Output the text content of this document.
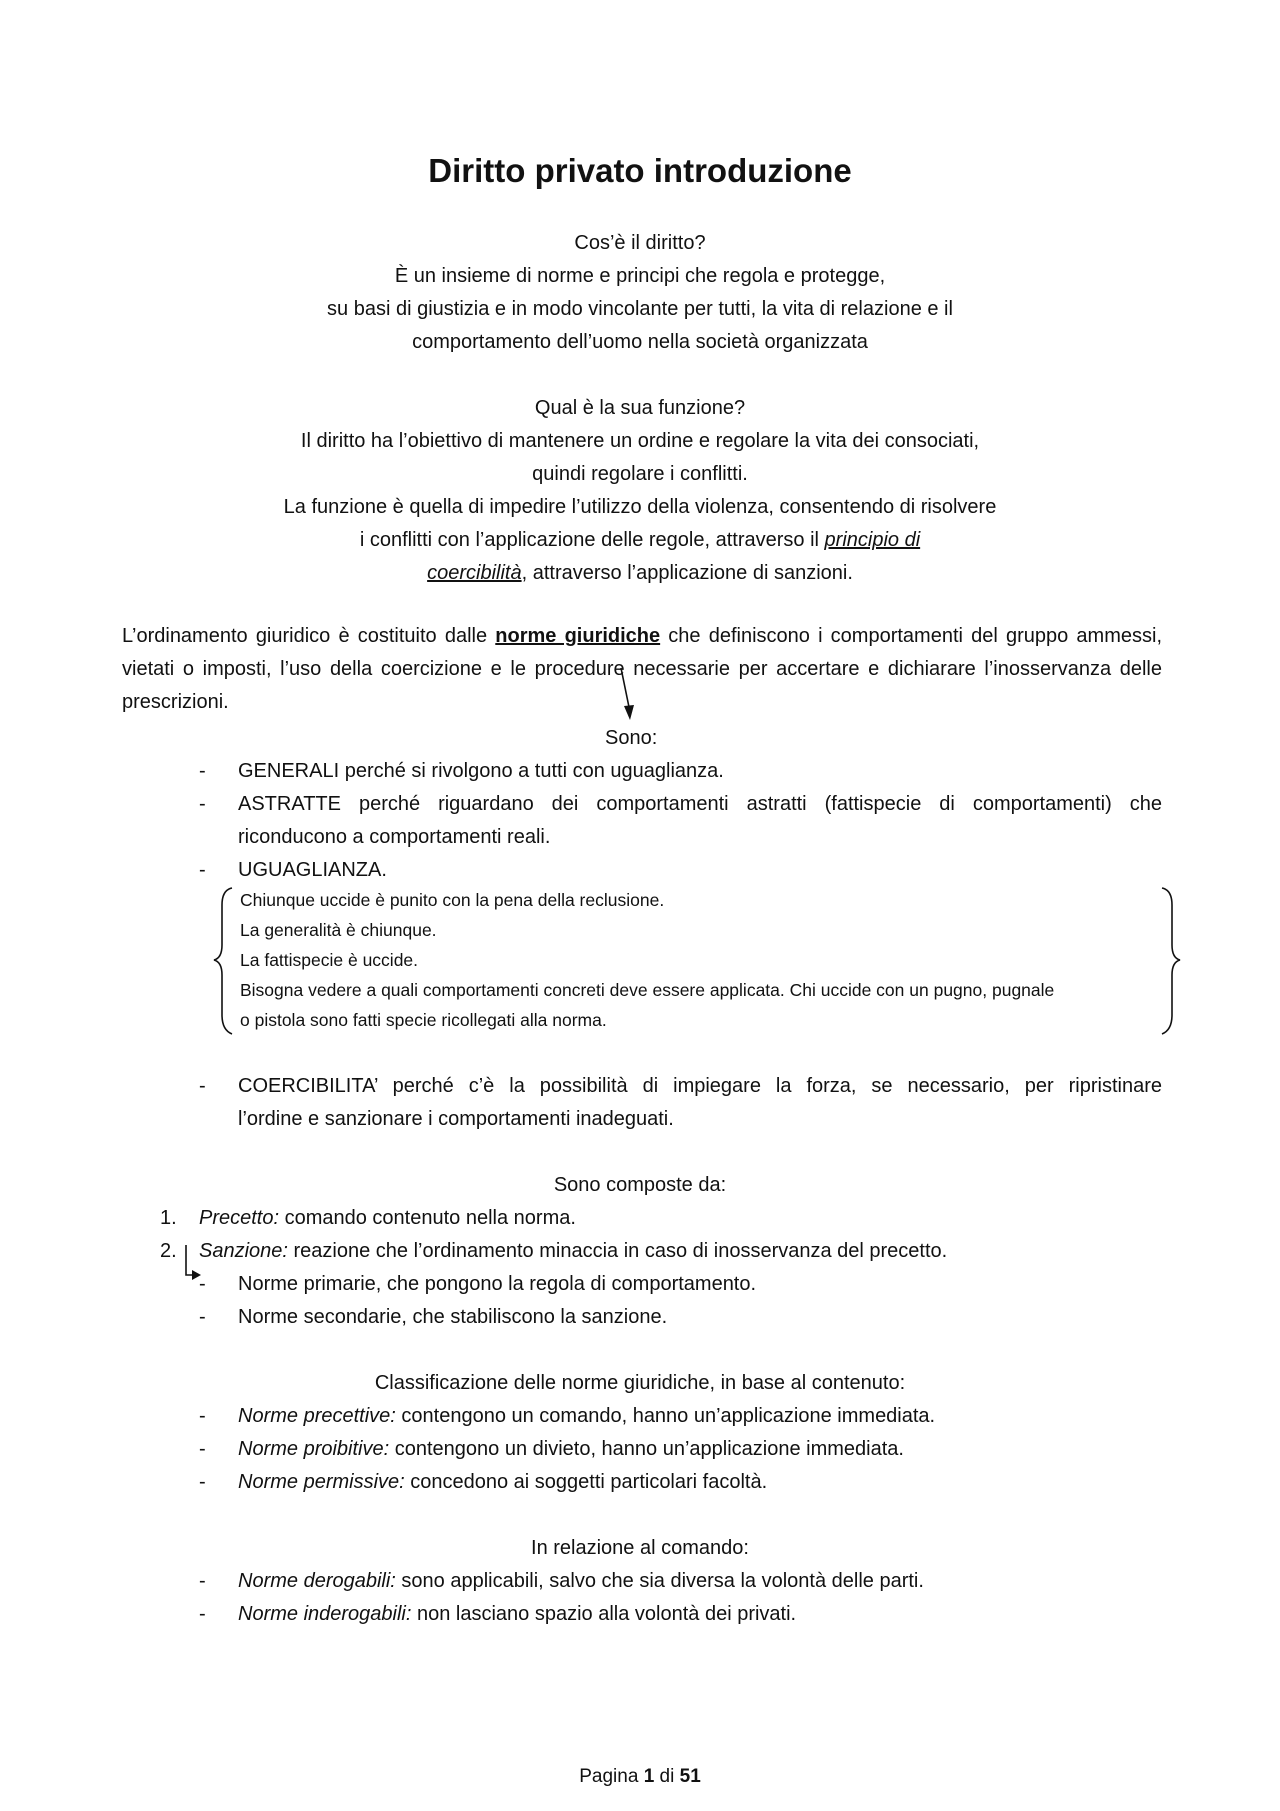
Diritto privato introduzione
Cos’è il diritto?
È un insieme di norme e principi che regola e protegge,
su basi di giustizia e in modo vincolante per tutti, la vita di relazione e il
comportamento dell’uomo nella società organizzata
Qual è la sua funzione?
Il diritto ha l’obiettivo di mantenere un ordine e regolare la vita dei consociati,
quindi regolare i conflitti.
La funzione è quella di impedire l’utilizzo della violenza, consentendo di risolvere
i conflitti con l’applicazione delle regole, attraverso il principio di
coercibilità, attraverso l’applicazione di sanzioni.
L’ordinamento giuridico è costituito dalle norme giuridiche che definiscono i comportamenti del gruppo ammessi, vietati o imposti, l’uso della coercizione e le procedure necessarie per accertare e dichiarare l’inosservanza delle prescrizioni.
Sono:
- GENERALI perché si rivolgono a tutti con uguaglianza.
- ASTRATTE perché riguardano dei comportamenti astratti (fattispecie di comportamenti) che
riconducono a comportamenti reali.
- UGUAGLIANZA.
Chiunque uccide è punito con la pena della reclusione.
La generalità è chiunque.
La fattispecie è uccide.
Bisogna vedere a quali comportamenti concreti deve essere applicata. Chi uccide con un pugno, pugnale
o pistola sono fatti specie ricollegati alla norma.
- COERCIBILITA’ perché c’è la possibilità di impiegare la forza, se necessario, per ripristinare
l’ordine e sanzionare i comportamenti inadeguati.
Sono composte da:
1. Precetto: comando contenuto nella norma.
2. Sanzione: reazione che l’ordinamento minaccia in caso di inosservanza del precetto.
- Norme primarie, che pongono la regola di comportamento.
- Norme secondarie, che stabiliscono la sanzione.
Classificazione delle norme giuridiche, in base al contenuto:
- Norme precettive: contengono un comando, hanno un’applicazione immediata.
- Norme proibitive: contengono un divieto, hanno un’applicazione immediata.
- Norme permissive: concedono ai soggetti particolari facoltà.
In relazione al comando:
- Norme derogabili: sono applicabili, salvo che sia diversa la volontà delle parti.
- Norme inderogabili: non lasciano spazio alla volontà dei privati.
Pagina 1 di 51
